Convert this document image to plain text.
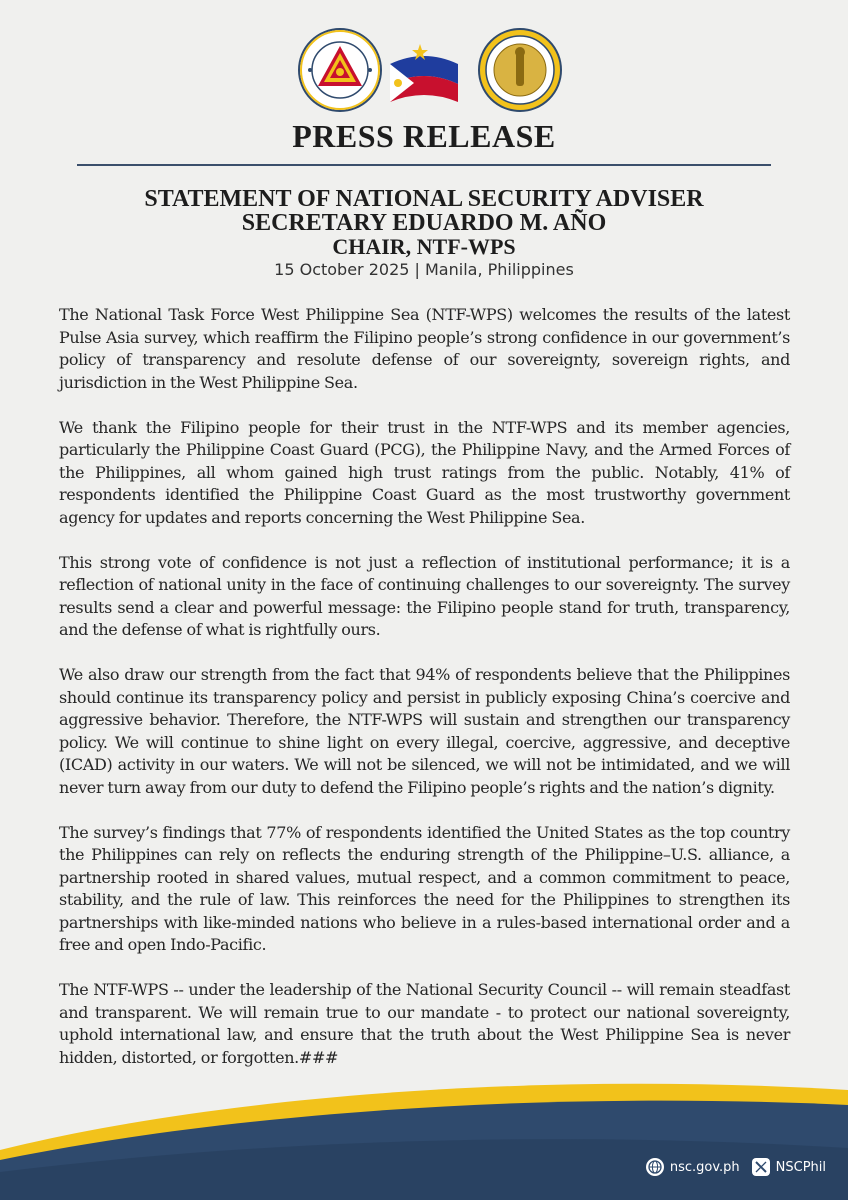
PRESS RELEASE
STATEMENT OF NATIONAL SECURITY ADVISER
SECRETARY EDUARDO M. AÑO
CHAIR, NTF-WPS
15 October 2025 | Manila, Philippines

The National Task Force West Philippine Sea (NTF-WPS) welcomes the results of the latest Pulse Asia survey, which reaffirm the Filipino people’s strong confidence in our government’s policy of transparency and resolute defense of our sovereignty, sovereign rights, and jurisdiction in the West Philippine Sea.

We thank the Filipino people for their trust in the NTF-WPS and its member agencies, particularly the Philippine Coast Guard (PCG), the Philippine Navy, and the Armed Forces of the Philippines, all whom gained high trust ratings from the public. Notably, 41% of respondents identified the Philippine Coast Guard as the most trustworthy government agency for updates and reports concerning the West Philippine Sea.

This strong vote of confidence is not just a reflection of institutional performance; it is a reflection of national unity in the face of continuing challenges to our sovereignty. The survey results send a clear and powerful message: the Filipino people stand for truth, transparency, and the defense of what is rightfully ours.

We also draw our strength from the fact that 94% of respondents believe that the Philippines should continue its transparency policy and persist in publicly exposing China’s coercive and aggressive behavior. Therefore, the NTF-WPS will sustain and strengthen our transparency policy. We will continue to shine light on every illegal, coercive, aggressive, and deceptive (ICAD) activity in our waters. We will not be silenced, we will not be intimidated, and we will never turn away from our duty to defend the Filipino people’s rights and the nation’s dignity.

The survey’s findings that 77% of respondents identified the United States as the top country the Philippines can rely on reflects the enduring strength of the Philippine–U.S. alliance, a partnership rooted in shared values, mutual respect, and a common commitment to peace, stability, and the rule of law. This reinforces the need for the Philippines to strengthen its partnerships with like-minded nations who believe in a rules-based international order and a free and open Indo-Pacific.

The NTF-WPS -- under the leadership of the National Security Council -- will remain steadfast and transparent. We will remain true to our mandate - to protect our national sovereignty, uphold international law, and ensure that the truth about the West Philippine Sea is never hidden, distorted, or forgotten.###

nsc.gov.ph	NSCPhil
